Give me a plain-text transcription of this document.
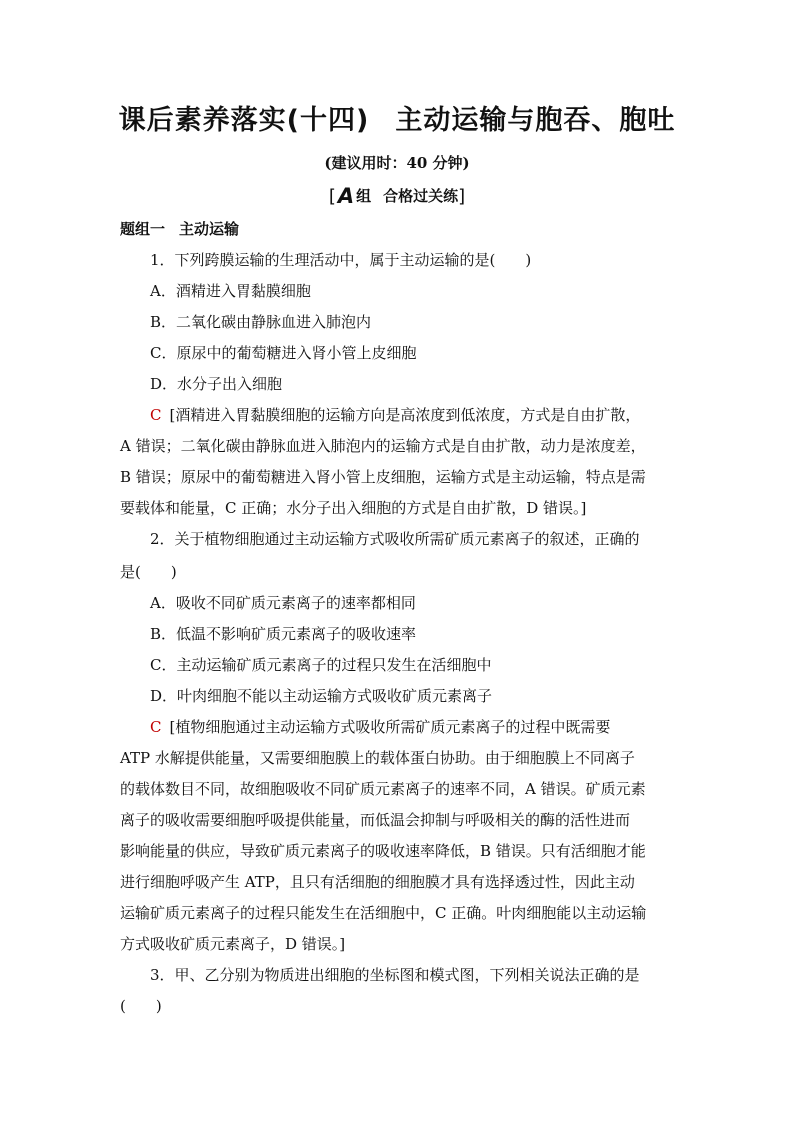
课后素养落实(十四) 主动运输与胞吞、胞吐
(建议用时：40 分钟)
[A 组 合格过关练]
题组一 主动运输
1．下列跨膜运输的生理活动中，属于主动运输的是(　　)
A．酒精进入胃黏膜细胞
B．二氧化碳由静脉血进入肺泡内
C．原尿中的葡萄糖进入肾小管上皮细胞
D．水分子出入细胞
C [酒精进入胃黏膜细胞的运输方向是高浓度到低浓度，方式是自由扩散，
A 错误；二氧化碳由静脉血进入肺泡内的运输方式是自由扩散，动力是浓度差，
B 错误；原尿中的葡萄糖进入肾小管上皮细胞，运输方式是主动运输，特点是需
要载体和能量，C 正确；水分子出入细胞的方式是自由扩散，D 错误。]
2．关于植物细胞通过主动运输方式吸收所需矿质元素离子的叙述，正确的
是(　　)
A．吸收不同矿质元素离子的速率都相同
B．低温不影响矿质元素离子的吸收速率
C．主动运输矿质元素离子的过程只发生在活细胞中
D．叶肉细胞不能以主动运输方式吸收矿质元素离子
C [植物细胞通过主动运输方式吸收所需矿质元素离子的过程中既需要
ATP 水解提供能量，又需要细胞膜上的载体蛋白协助。由于细胞膜上不同离子
的载体数目不同，故细胞吸收不同矿质元素离子的速率不同，A 错误。矿质元素
离子的吸收需要细胞呼吸提供能量，而低温会抑制与呼吸相关的酶的活性进而
影响能量的供应，导致矿质元素离子的吸收速率降低，B 错误。只有活细胞才能
进行细胞呼吸产生 ATP，且只有活细胞的细胞膜才具有选择透过性，因此主动
运输矿质元素离子的过程只能发生在活细胞中，C 正确。叶肉细胞能以主动运输
方式吸收矿质元素离子，D 错误。]
3．甲、乙分别为物质进出细胞的坐标图和模式图，下列相关说法正确的是
(　　)
